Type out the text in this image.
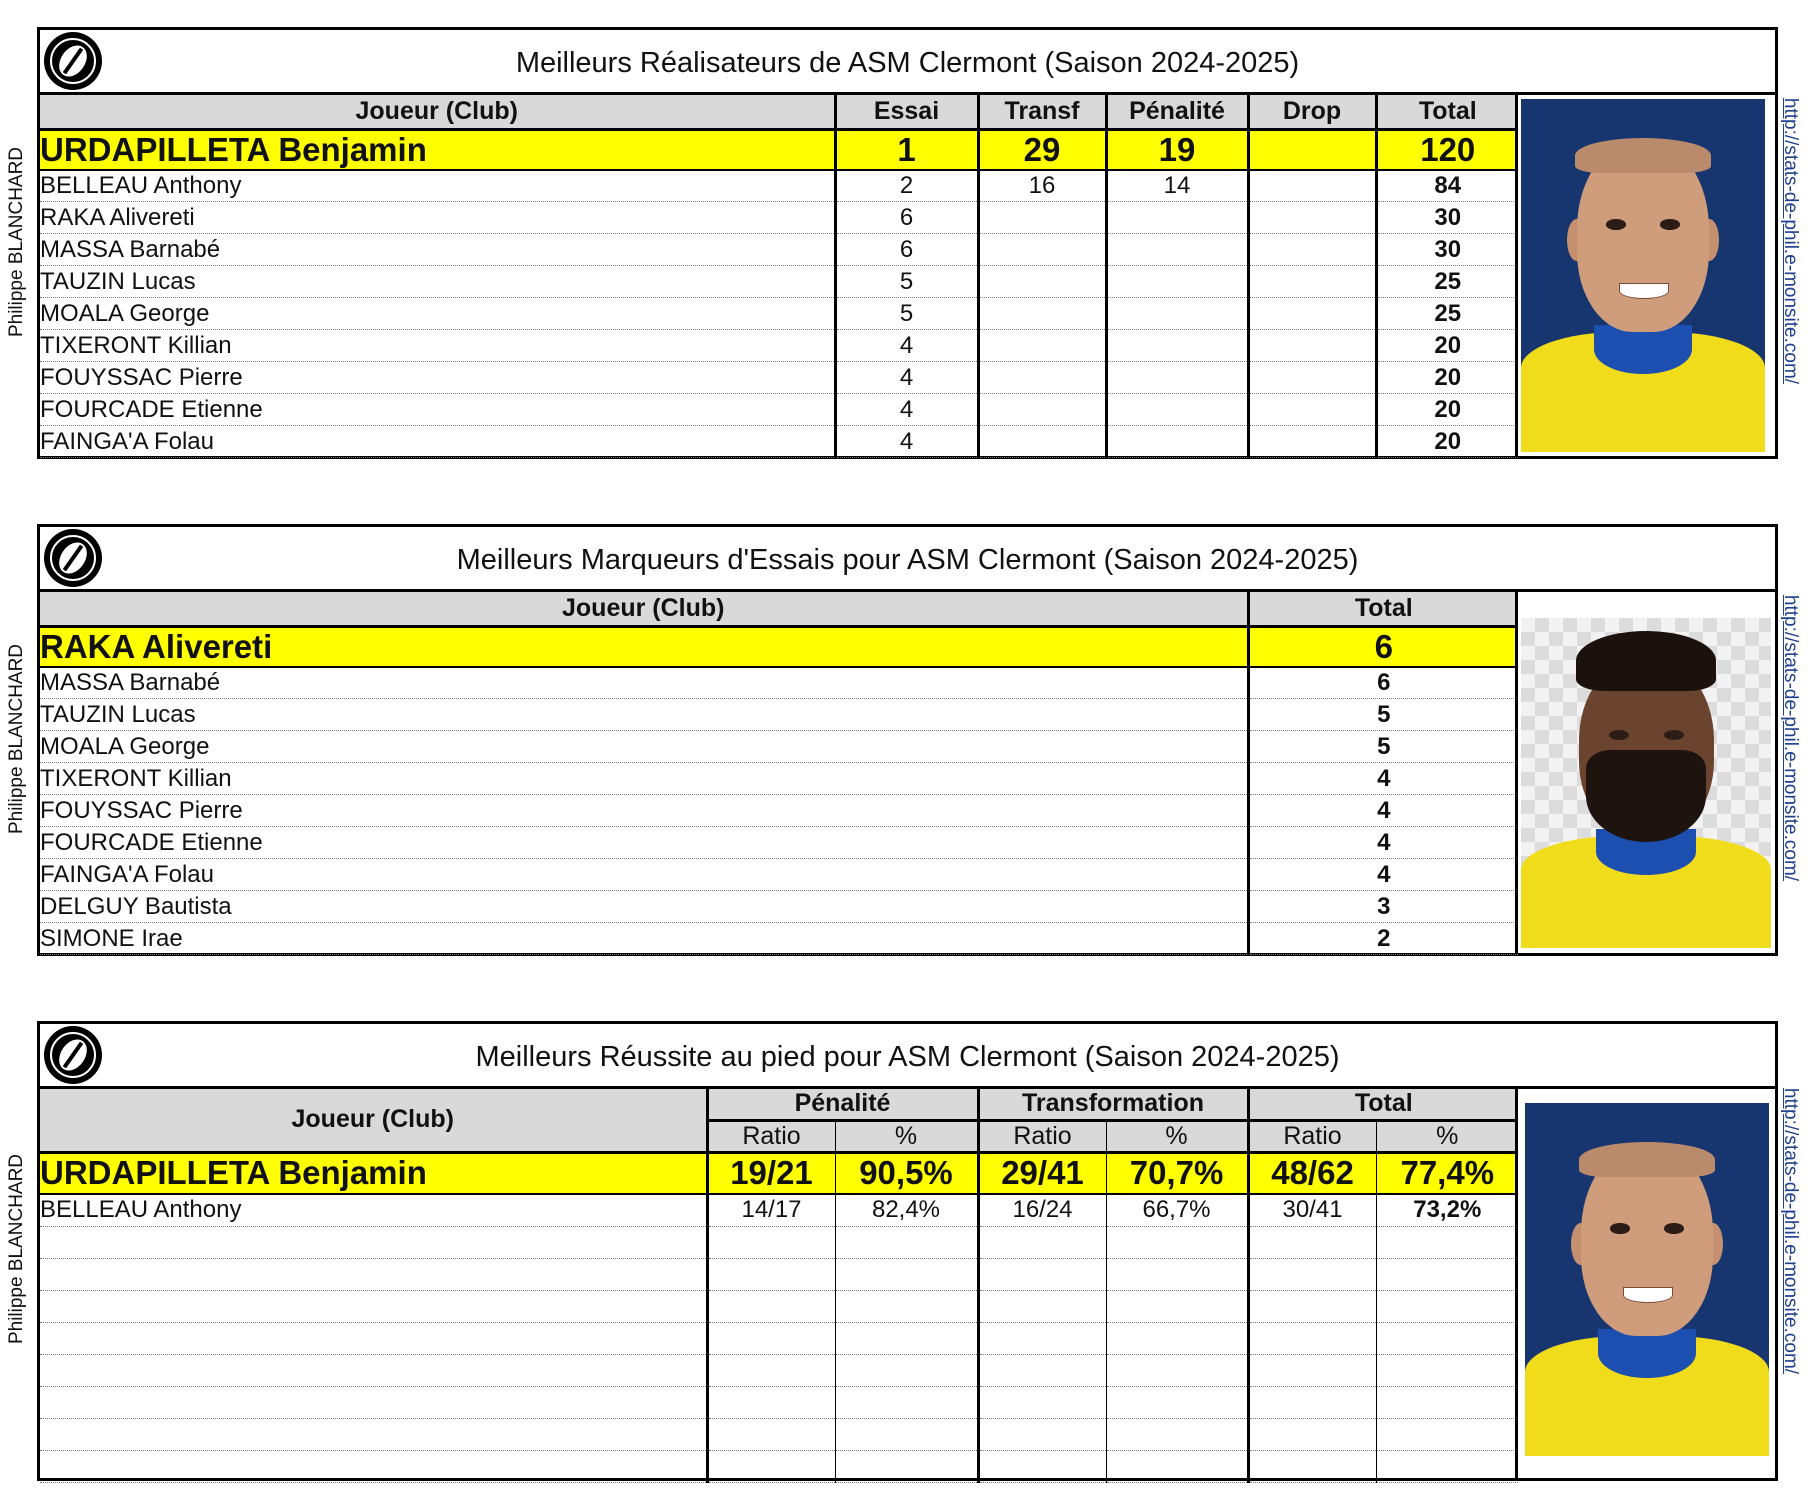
Philippe BLANCHARD
Philippe BLANCHARD
Philippe BLANCHARD
http://stats-de-phil.e-monsite.com/
http://stats-de-phil.e-monsite.com/
http://stats-de-phil.e-monsite.com/
Meilleurs Réalisateurs de ASM Clermont (Saison 2024-2025)
Joueur (Club)	Essai	Transf	Pénalité	Drop	Total
URDAPILLETA Benjamin	1	29	19		120
BELLEAU Anthony	2	16	14		84
RAKA Alivereti	6				30
MASSA Barnabé	6				30
TAUZIN Lucas	5				25
MOALA George	5				25
TIXERONT Killian	4				20
FOUYSSAC Pierre	4				20
FOURCADE Etienne	4				20
FAINGA'A Folau	4				20
Meilleurs Marqueurs d'Essais pour ASM Clermont (Saison 2024-2025)
Joueur (Club)	Total
RAKA Alivereti	6
MASSA Barnabé	6
TAUZIN Lucas	5
MOALA George	5
TIXERONT Killian	4
FOUYSSAC Pierre	4
FOURCADE Etienne	4
FAINGA'A Folau	4
DELGUY Bautista	3
SIMONE Irae	2
Meilleurs Réussite au pied pour ASM Clermont (Saison 2024-2025)
Joueur (Club)	Pénalité		Transformation		Total	
	Ratio	%	Ratio	%	Ratio	%
URDAPILLETA Benjamin	19/21	90,5%	29/41	70,7%	48/62	77,4%
BELLEAU Anthony	14/17	82,4%	16/24	66,7%	30/41	73,2%
